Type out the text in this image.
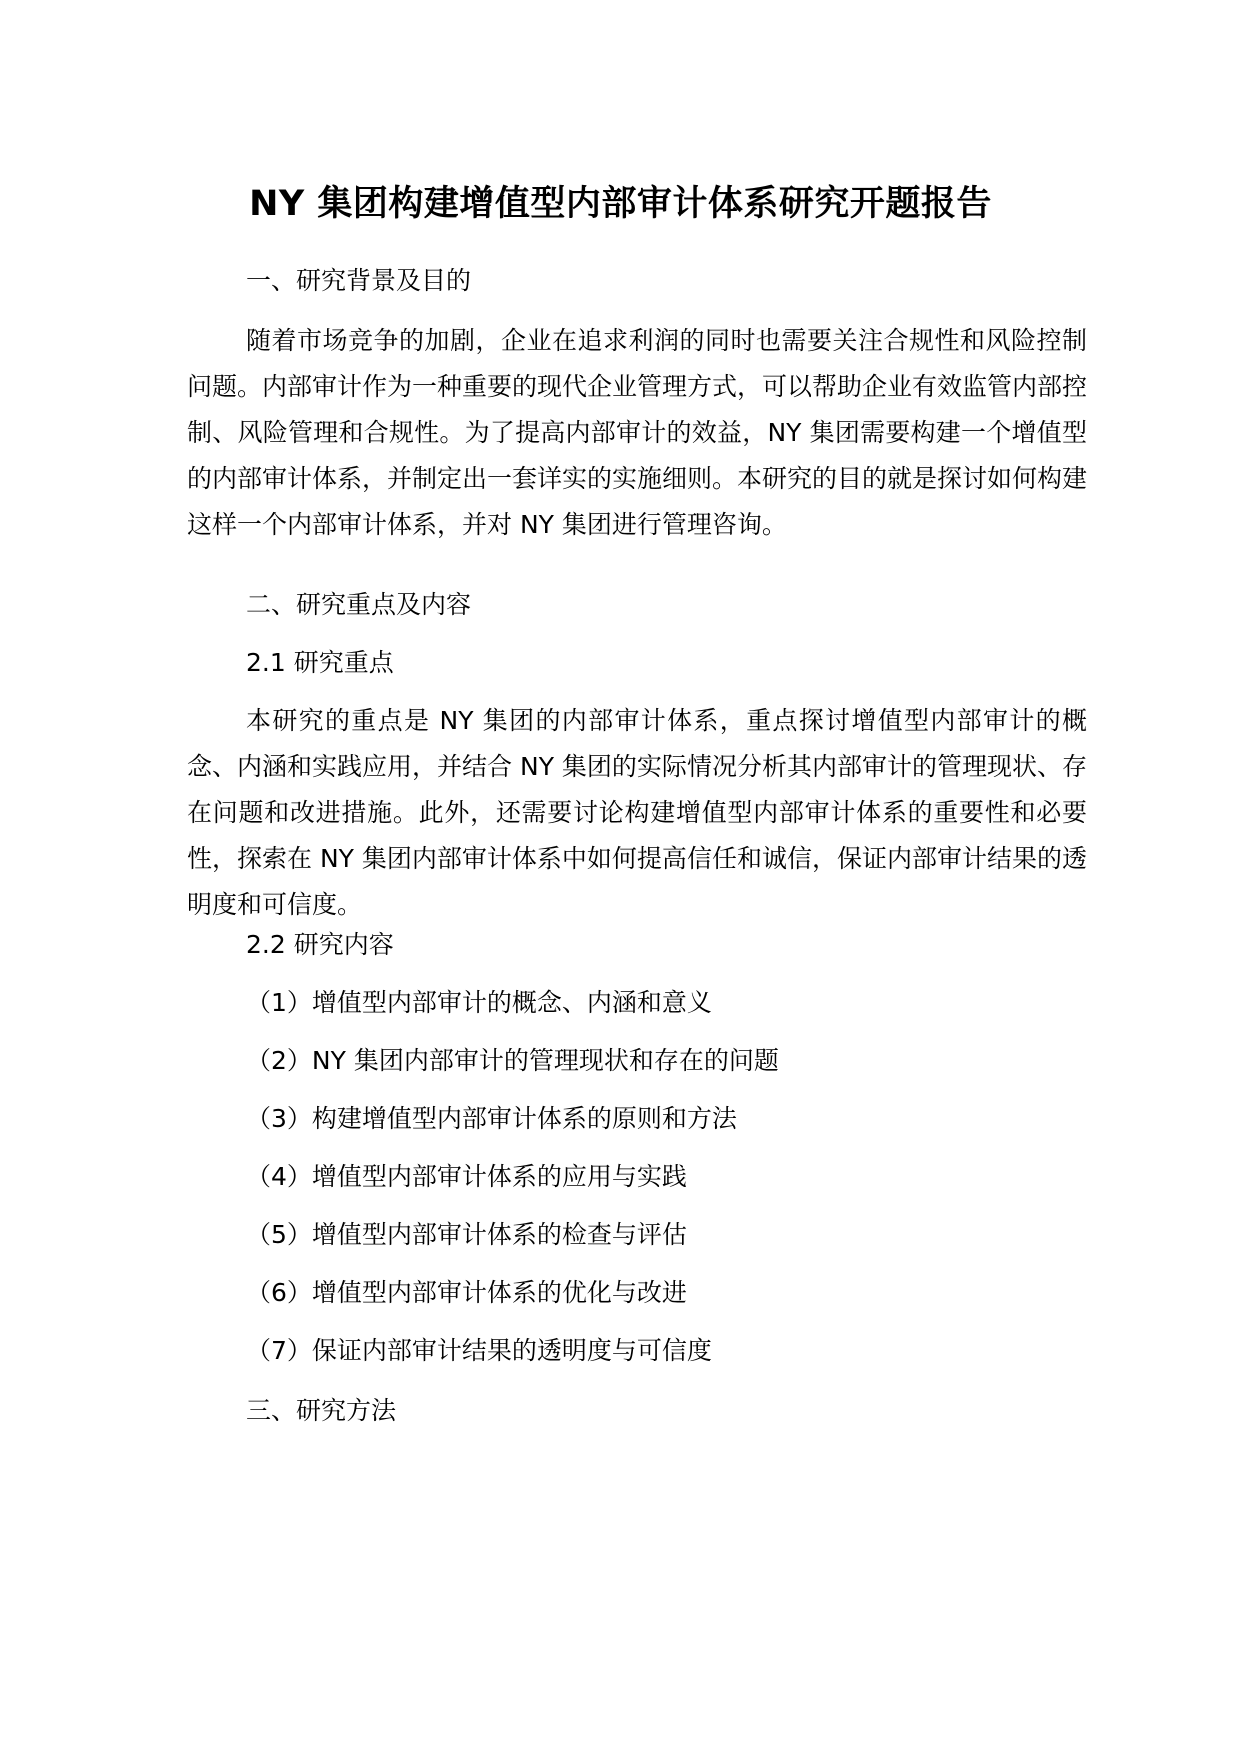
NY 集团构建增值型内部审计体系研究开题报告
一、研究背景及目的
随着市场竞争的加剧，企业在追求利润的同时也需要关注合规性和风险控制问题。内部审计作为一种重要的现代企业管理方式，可以帮助企业有效监管内部控制、风险管理和合规性。为了提高内部审计的效益，NY 集团需要构建一个增值型的内部审计体系，并制定出一套详实的实施细则。本研究的目的就是探讨如何构建这样一个内部审计体系，并对 NY 集团进行管理咨询。
二、研究重点及内容
2.1 研究重点
本研究的重点是 NY 集团的内部审计体系，重点探讨增值型内部审计的概念、内涵和实践应用，并结合 NY 集团的实际情况分析其内部审计的管理现状、存在问题和改进措施。此外，还需要讨论构建增值型内部审计体系的重要性和必要性，探索在 NY 集团内部审计体系中如何提高信任和诚信，保证内部审计结果的透明度和可信度。
2.2 研究内容
（1）增值型内部审计的概念、内涵和意义
（2）NY 集团内部审计的管理现状和存在的问题
（3）构建增值型内部审计体系的原则和方法
（4）增值型内部审计体系的应用与实践
（5）增值型内部审计体系的检查与评估
（6）增值型内部审计体系的优化与改进
（7）保证内部审计结果的透明度与可信度
三、研究方法
